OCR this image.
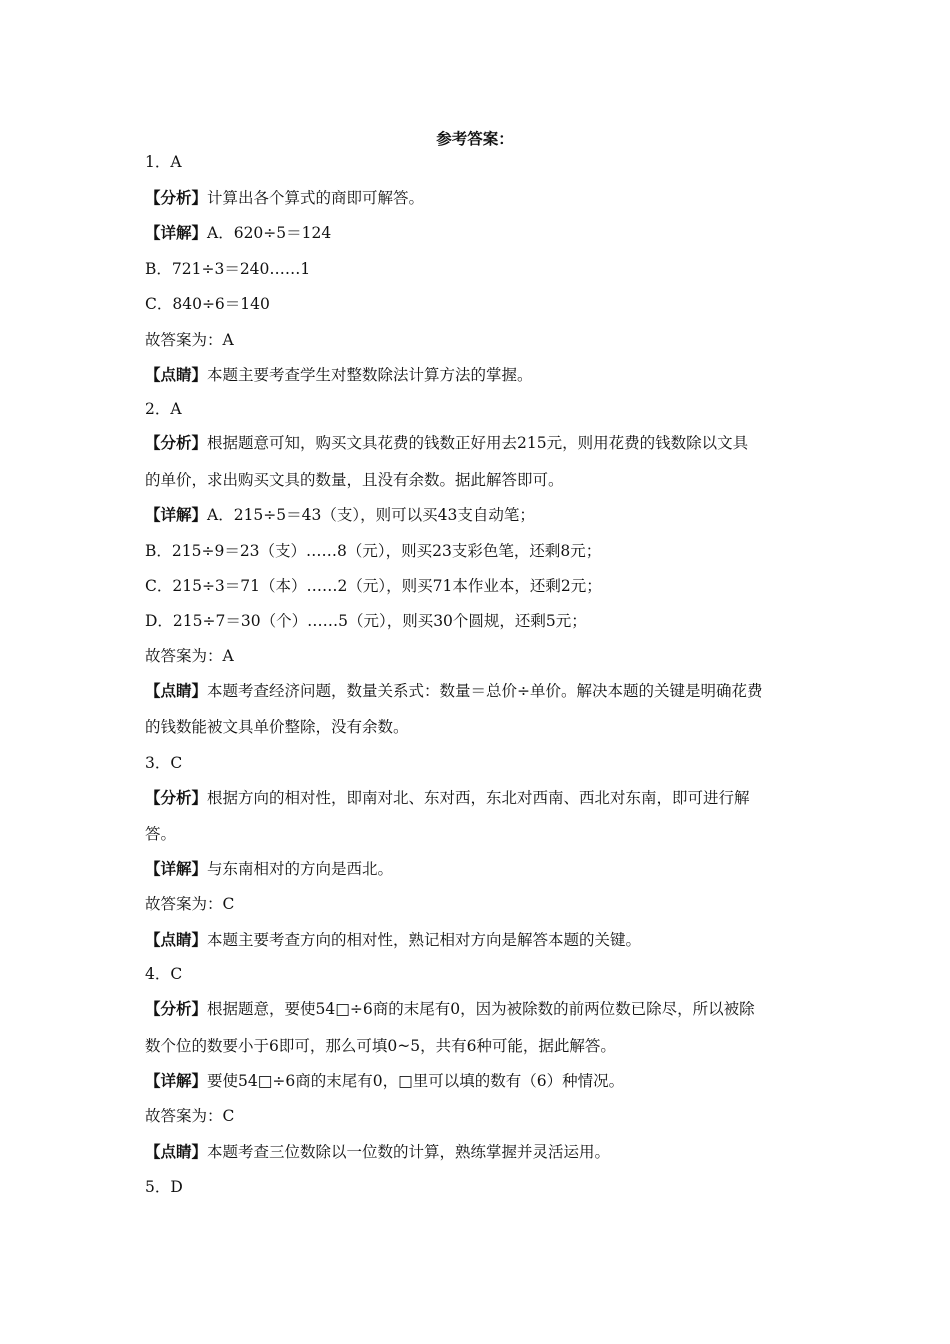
参考答案：
1．A
【分析】计算出各个算式的商即可解答。
【详解】A．620÷5＝124
B．721÷3＝240……1
C．840÷6＝140
故答案为：A
【点睛】本题主要考查学生对整数除法计算方法的掌握。
2．A
【分析】根据题意可知，购买文具花费的钱数正好用去215元，则用花费的钱数除以文具
的单价，求出购买文具的数量，且没有余数。据此解答即可。
【详解】A．215÷5＝43（支），则可以买43支自动笔；
B．215÷9＝23（支）……8（元），则买23支彩色笔，还剩8元；
C．215÷3＝71（本）……2（元），则买71本作业本，还剩2元；
D．215÷7＝30（个）……5（元），则买30个圆规，还剩5元；
故答案为：A
【点睛】本题考查经济问题，数量关系式：数量＝总价÷单价。解决本题的关键是明确花费
的钱数能被文具单价整除，没有余数。
3．C
【分析】根据方向的相对性，即南对北、东对西，东北对西南、西北对东南，即可进行解
答。
【详解】与东南相对的方向是西北。
故答案为：C
【点睛】本题主要考查方向的相对性，熟记相对方向是解答本题的关键。
4．C
【分析】根据题意，要使54□÷6商的末尾有0，因为被除数的前两位数已除尽，所以被除
数个位的数要小于6即可，那么可填0~5，共有6种可能，据此解答。
【详解】要使54□÷6商的末尾有0，□里可以填的数有（6）种情况。
故答案为：C
【点睛】本题考查三位数除以一位数的计算，熟练掌握并灵活运用。
5．D
